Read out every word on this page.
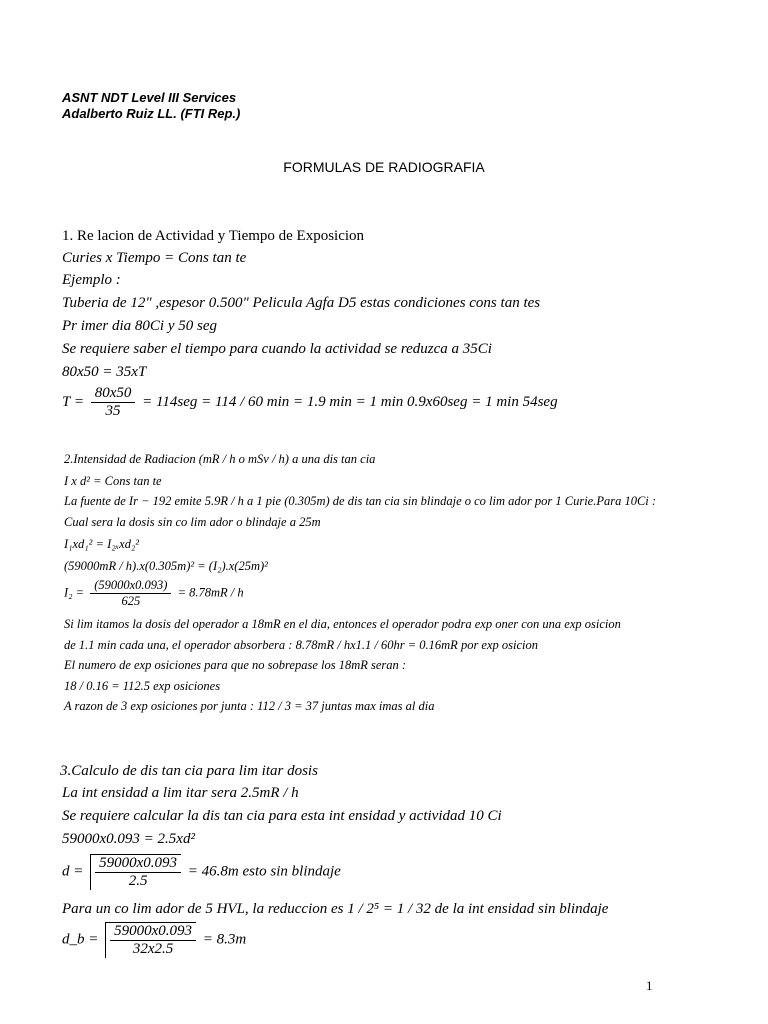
ASNT NDT Level III Services
Adalberto Ruiz LL. (FTI Rep.)
FORMULAS DE RADIOGRAFIA
1. Re lacion de Actividad y Tiempo de Exposicion
Curies x Tiempo = Cons tan te
Ejemplo :
Tuberia de 12" ,espesor 0.500" Pelicula Agfa D5 estas condiciones cons tan tes
Pr imer dia 80Ci y 50 seg
Se requiere saber el tiempo para cuando la actividad se reduzca a 35Ci
80x50 = 35xT
$T = \frac{80x50}{35} = 114seg = 114 / 60$ min = 1.9 min = 1 min 0.9x60seg = 1 min 54seg
2.Intensidad de Radiacion (mR / h o mSv / h) a una dis tan cia
I x d² = Cons tan te
La fuente de Ir − 192 emite 5.9R / h a 1 pie (0.305m) de dis tan cia sin blindaje o co lim ador por 1 Curie.Para 10Ci :
Cual sera la dosis sin co lim ador o blindaje a 25m
I₁xd₁² = I₂ₓxd₂²
(59000mR / h).x(0.305m)² = (I₂).x(25m)²
$I_2 = \frac{(59000x0.093)}{625} = 8.78mR / h$
Si lim itamos la dosis del operador a 18mR en el dia, entonces el operador podra exp oner con una exp osicion
de 1.1 min cada una, el operador absorbera : 8.78mR / hx1.1 / 60hr = 0.16mR por exp osicion
El numero de exp osiciones para que no sobrepase los 18mR seran :
18 / 0.16 = 112.5 exp osiciones
A razon de 3 exp osiciones por junta : 112 / 3 = 37 juntas max imas al dia
3.Calculo de dis tan cia para lim itar dosis
La int ensidad a lim itar sera 2.5mR / h
Se requiere calcular la dis tan cia para esta int ensidad y actividad 10 Ci
59000x0.093 = 2.5xd²
$d = \frac{59000x0.093}{2.5} = 46.8m$ esto sin blindaje
Para un co lim ador de 5 HVL, la reduccion es 1 / 2⁵ = 1 / 32 de la int ensidad sin blindaje
d_b = $\frac{59000x0.093}{32x2.5} = 8.3m$
1
